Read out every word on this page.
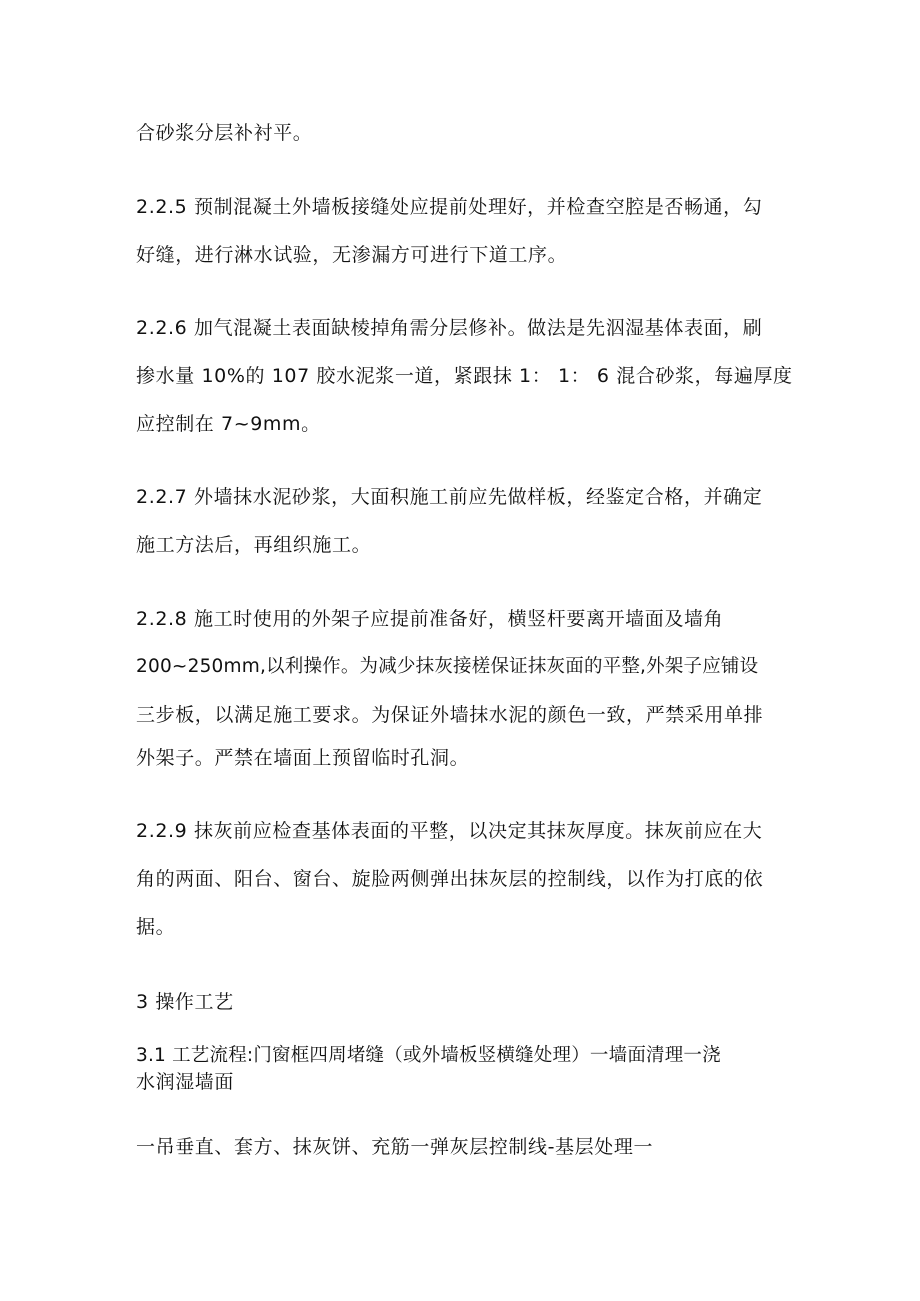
合砂浆分层补衬平。
2.2.5 预制混凝土外墙板接缝处应提前处理好，并检查空腔是否畅通，勾
好缝，进行淋水试验，无渗漏方可进行下道工序。
2.2.6 加气混凝土表面缺棱掉角需分层修补。做法是先泅湿基体表面，刷
掺水量 10%的 107 胶水泥浆一道，紧跟抹 1： 1： 6 混合砂浆，每遍厚度
应控制在 7~9mm。
2.2.7 外墙抹水泥砂浆，大面积施工前应先做样板，经鉴定合格，并确定
施工方法后，再组织施工。
2.2.8 施工时使用的外架子应提前准备好，横竖杆要离开墙面及墙角
200~250mm,以利操作。为减少抹灰接槎保证抹灰面的平整,外架子应铺设
三步板，以满足施工要求。为保证外墙抹水泥的颜色一致，严禁采用单排
外架子。严禁在墙面上预留临时孔洞。
2.2.9 抹灰前应检查基体表面的平整，以决定其抹灰厚度。抹灰前应在大
角的两面、阳台、窗台、旋脸两侧弹出抹灰层的控制线，以作为打底的依
据。
3 操作工艺
3.1 工艺流程:门窗框四周堵缝（或外墙板竖横缝处理）一墙面清理一浇
水润湿墙面
一吊垂直、套方、抹灰饼、充筋一弹灰层控制线-基层处理一
